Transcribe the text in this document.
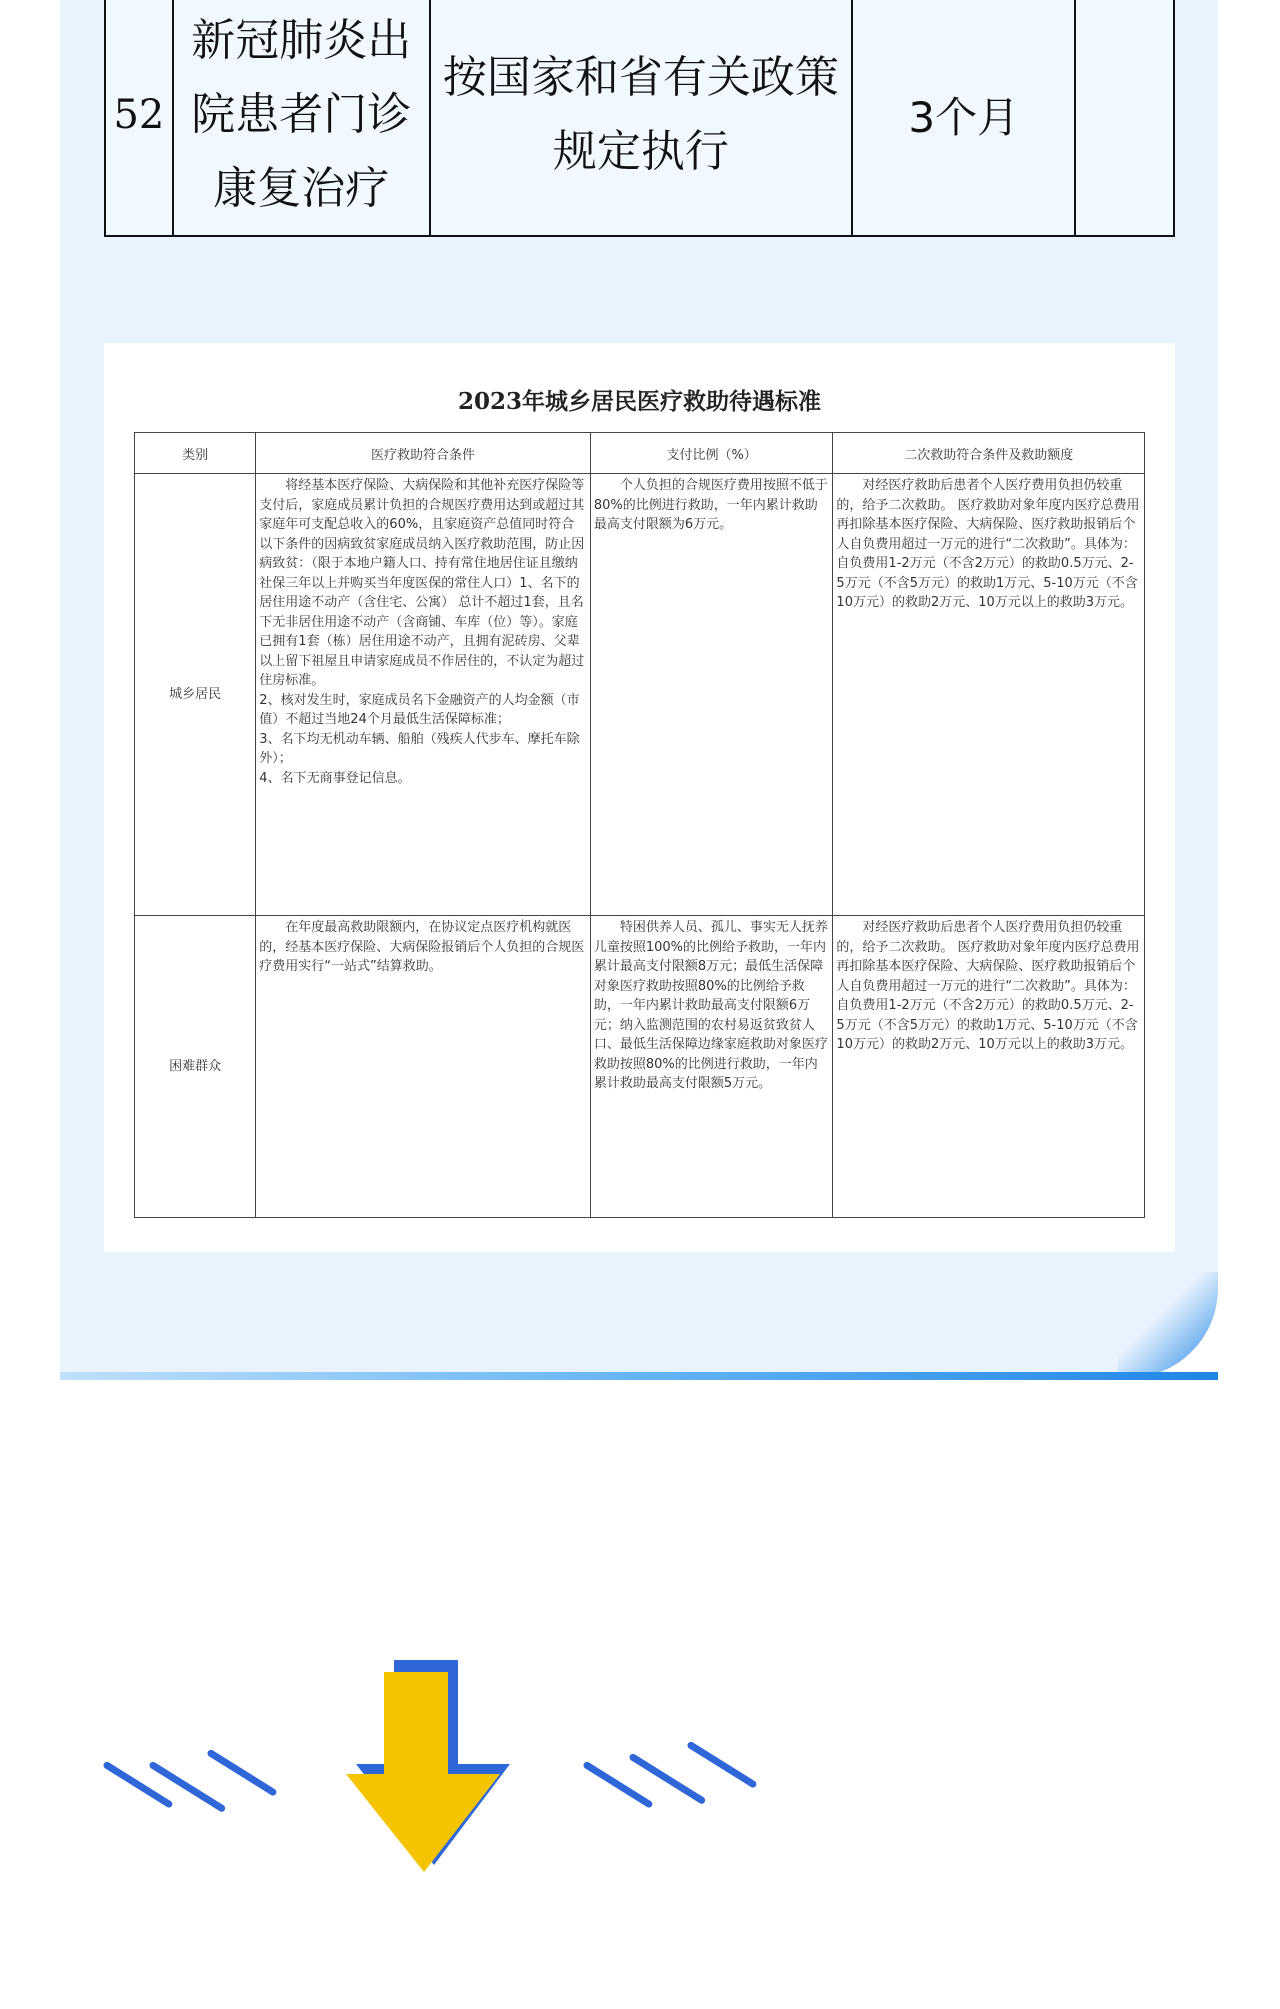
52	新冠肺炎出院患者门诊康复治疗	按国家和省有关政策规定执行	3个月	
2023年城乡居民医疗救助待遇标准
类别	医疗救助符合条件	支付比例（%）	二次救助符合条件及救助额度
城乡居民	将经基本医疗保险、大病保险和其他补充医疗保险等支付后，家庭成员累计负担的合规医疗费用达到或超过其家庭年可支配总收入的60%，且家庭资产总值同时符合以下条件的因病致贫家庭成员纳入医疗救助范围，防止因病致贫：（限于本地户籍人口、持有常住地居住证且缴纳社保三年以上并购买当年度医保的常住人口）1、名下的居住用途不动产（含住宅、公寓） 总计不超过1套，且名下无非居住用途不动产（含商铺、车库（位）等）。家庭已拥有1套（栋）居住用途不动产，且拥有泥砖房、父辈以上留下祖屋且申请家庭成员不作居住的，不认定为超过住房标准。
2、核对发生时，家庭成员名下金融资产的人均金额（市值）不超过当地24个月最低生活保障标准；
3、名下均无机动车辆、船舶（残疾人代步车、摩托车除外）；
4、名下无商事登记信息。	个人负担的合规医疗费用按照不低于80%的比例进行救助，一年内累计救助最高支付限额为6万元。	对经医疗救助后患者个人医疗费用负担仍较重的，给予二次救助。 医疗救助对象年度内医疗总费用再扣除基本医疗保险、大病保险、医疗救助报销后个人自负费用超过一万元的进行“二次救助”。具体为：自负费用1-2万元（不含2万元）的救助0.5万元、2-5万元（不含5万元）的救助1万元、5-10万元（不含10万元）的救助2万元、10万元以上的救助3万元。

困难群众	在年度最高救助限额内，在协议定点医疗机构就医的，经基本医疗保险、大病保险报销后个人负担的合规医疗费用实行“一站式”结算救助。	特困供养人员、孤儿、事实无人抚养儿童按照100%的比例给予救助，一年内累计最高支付限额8万元；最低生活保障对象医疗救助按照80%的比例给予救助，一年内累计救助最高支付限额6万元；纳入监测范围的农村易返贫致贫人口、最低生活保障边缘家庭救助对象医疗救助按照80%的比例进行救助，一年内累计救助最高支付限额5万元。	对经医疗救助后患者个人医疗费用负担仍较重的，给予二次救助。 医疗救助对象年度内医疗总费用再扣除基本医疗保险、大病保险、医疗救助报销后个人自负费用超过一万元的进行“二次救助”。具体为：自负费用1-2万元（不含2万元）的救助0.5万元、2-5万元（不含5万元）的救助1万元、5-10万元（不含10万元）的救助2万元、10万元以上的救助3万元。
